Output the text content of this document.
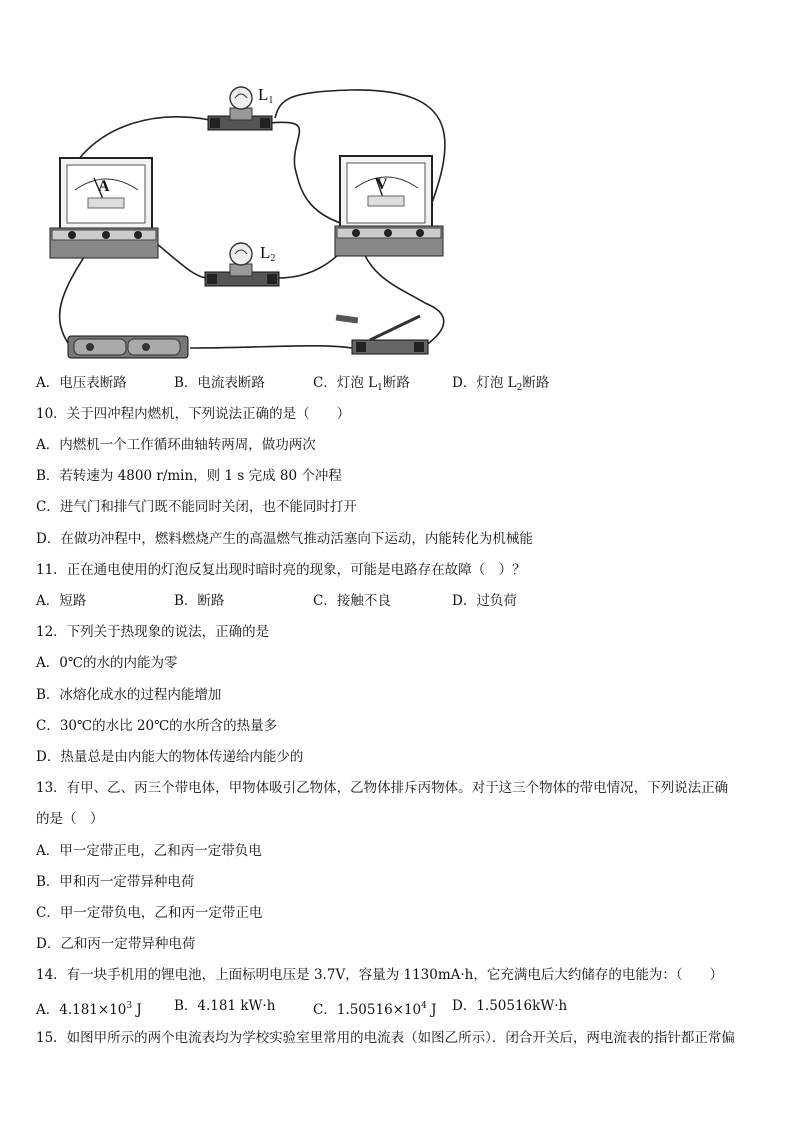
L1
L2
A	V
A．电压表断路	B．电流表断路	C．灯泡 $L_1$断路	D．灯泡 $L_2$断路
10．关于四冲程内燃机，下列说法正确的是（　　）
A．内燃机一个工作循环曲轴转两周，做功两次
B．若转速为 4800 r/min，则 1 s 完成 80 个冲程
C．进气门和排气门既不能同时关闭，也不能同时打开
D．在做功冲程中，燃料燃烧产生的高温燃气推动活塞向下运动，内能转化为机械能
11．正在通电使用的灯泡反复出现时暗时亮的现象，可能是电路存在故障（　）？
A．短路	B．断路	C．接触不良	D．过负荷
12．下列关于热现象的说法，正确的是
A．0℃的水的内能为零
B．冰熔化成水的过程内能增加
C．30℃的水比 20℃的水所含的热量多
D．热量总是由内能大的物体传递给内能少的
13．有甲、乙、丙三个带电体，甲物体吸引乙物体，乙物体排斥丙物体。对于这三个物体的带电情况，下列说法正确
的是（　）
A．甲一定带正电，乙和丙一定带负电
B．甲和丙一定带异种电荷
C．甲一定带负电，乙和丙一定带正电
D．乙和丙一定带异种电荷
14．有一块手机用的锂电池，上面标明电压是 3.7V，容量为 1130mA·h，它充满电后大约储存的电能为：（　　）
A．$4.181\times 10^3$ J B．4.181 kW·h	C．$1.50516\times 10^4$ J D．1.50516kW·h
15．如图甲所示的两个电流表均为学校实验室里常用的电流表（如图乙所示）．闭合开关后，两电流表的指针都正常偏
